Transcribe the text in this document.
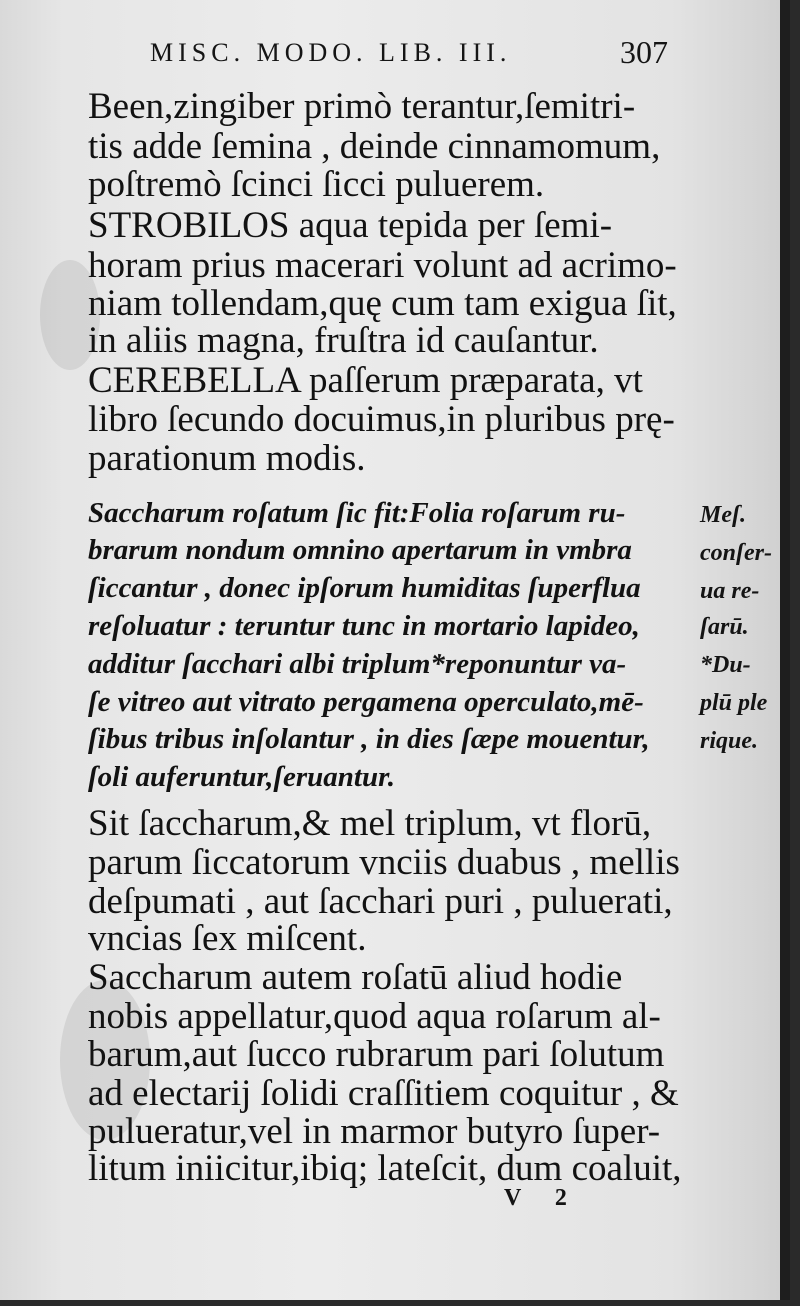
MISC. MODO. LIB. III.	307
Been,zingiber primò terantur,ſemitri-
tis adde ſemina , deinde cinnamomum,
poſtremò ſcinci ſicci puluerem.
STROBILOS aqua tepida per ſemi-
horam prius macerari volunt ad acrimo-
niam tollendam,quę cum tam exigua ſit,
in aliis magna, fruſtra id cauſantur.
CEREBELLA paſſerum præparata, vt
libro ſecundo docuimus,in pluribus prę-
parationum modis.
Saccharum roſatum ſic fit:Folia roſarum ru-
brarum nondum omnino apertarum in vmbra
ſiccantur , donec ipſorum humiditas ſuperflua
reſoluatur : teruntur tunc in mortario lapideo,
additur ſacchari albi triplum*reponuntur va-
ſe vitreo aut vitrato pergamena operculato,mē-
ſibus tribus inſolantur , in dies ſæpe mouentur,
ſoli auferuntur,ſeruantur.
Sit ſaccharum,& mel triplum, vt florū,
parum ſiccatorum vnciis duabus , mellis
deſpumati , aut ſacchari puri , puluerati,
vncias ſex miſcent.
Saccharum autem roſatū aliud hodie
nobis appellatur,quod aqua roſarum al-
barum,aut ſucco rubrarum pari ſolutum
ad electarij ſolidi craſſitiem coquitur , &
pulueratur,vel in marmor butyro ſuper-
litum iniicitur,ibiq; lateſcit, dum coaluit,
Meſ.
conſer-
ua re-
ſarū.
*Du-
plū ple
rique.
V 2
